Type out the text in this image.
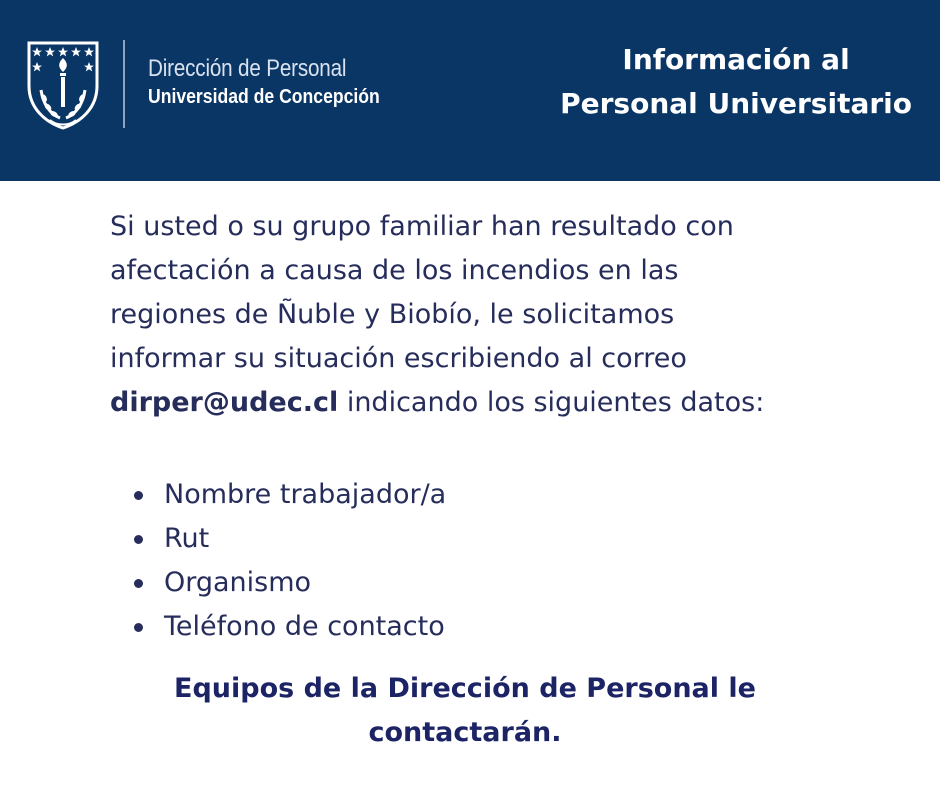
Dirección de Personal
Universidad de Concepción
Información al
Personal Universitario
Si usted o su grupo familiar han resultado con
afectación a causa de los incendios en las
regiones de Ñuble y Biobío, le solicitamos
informar su situación escribiendo al correo
dirper@udec.cl indicando los siguientes datos:
Nombre trabajador/a
Rut
Organismo
Teléfono de contacto
Equipos de la Dirección de Personal le
contactarán.
